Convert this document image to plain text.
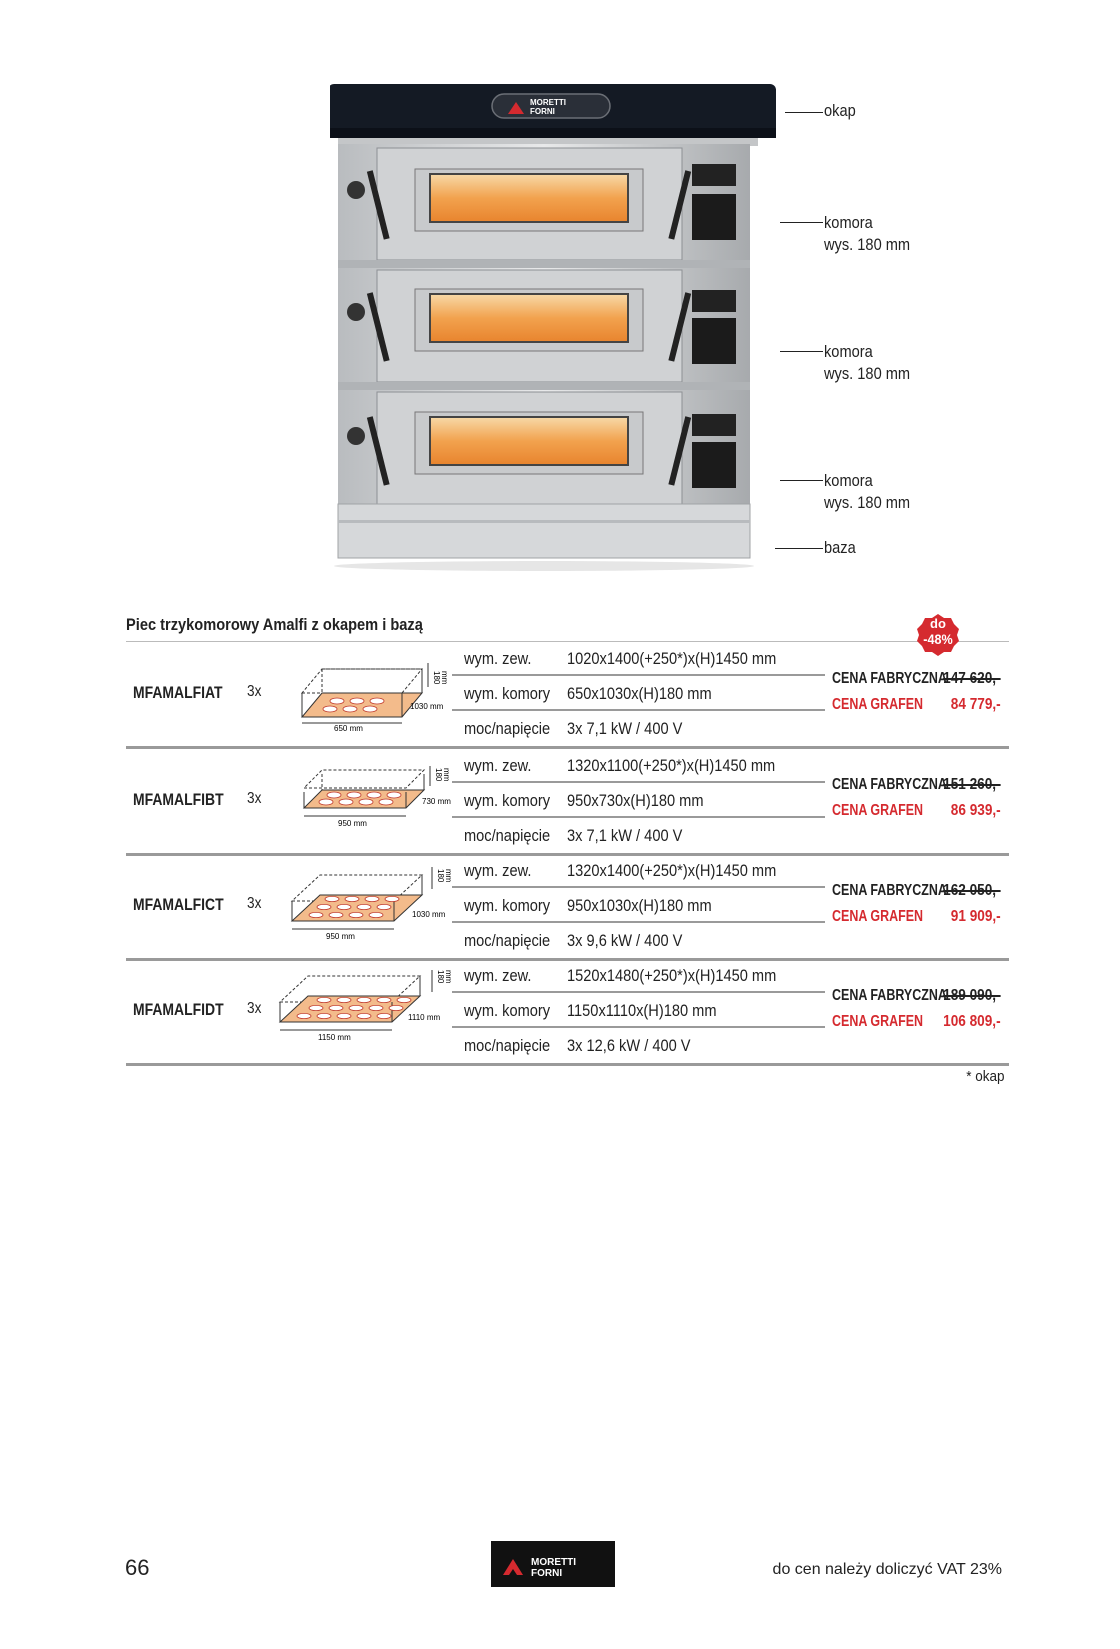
MORETTI
FORNI	okap
komora
wys. 180 mm
komora
wys. 180 mm
komora
wys. 180 mm
baza
Piec trzykomorowy Amalfi z okapem i bazą	do
-48%
MFAMALFIAT 3x
650 mm
1030 mm
180 mm
wym. zew. 1020x1400(+250*)x(H)1450 mm
wym. komory 650x1030x(H)180 mm
moc/napięcie 3x 7,1 kW / 400 V
CENA FABRYCZNA
147 620,-
CENA GRAFEN 84 779,-
MFAMALFIBT 3x
950 mm
730 mm
180 mm wym. zew. 1320x1100(+250*)x(H)1450 mm
wym. komory 950x730x(H)180 mm
moc/napięcie 3x 7,1 kW / 400 V
CENA FABRYCZNA
151 260,-
CENA GRAFEN 86 939,-
MFAMALFICT 3x
950 mm
1030 mm
180 mm wym. zew. 1320x1400(+250*)x(H)1450 mm
wym. komory 950x1030x(H)180 mm
moc/napięcie 3x 9,6 kW / 400 V
CENA FABRYCZNA
162 050,-
CENA GRAFEN 91 909,-
MFAMALFIDT 3x
1150 mm
1110 mm
180 mm wym. zew. 1520x1480(+250*)x(H)1450 mm
wym. komory 1150x1110x(H)180 mm
moc/napięcie 3x 12,6 kW / 400 V
CENA FABRYCZNA
189 090,-
CENA GRAFEN 106 809,-
* okap
66	MORETTI
FORNI	do cen należy doliczyć VAT 23%
